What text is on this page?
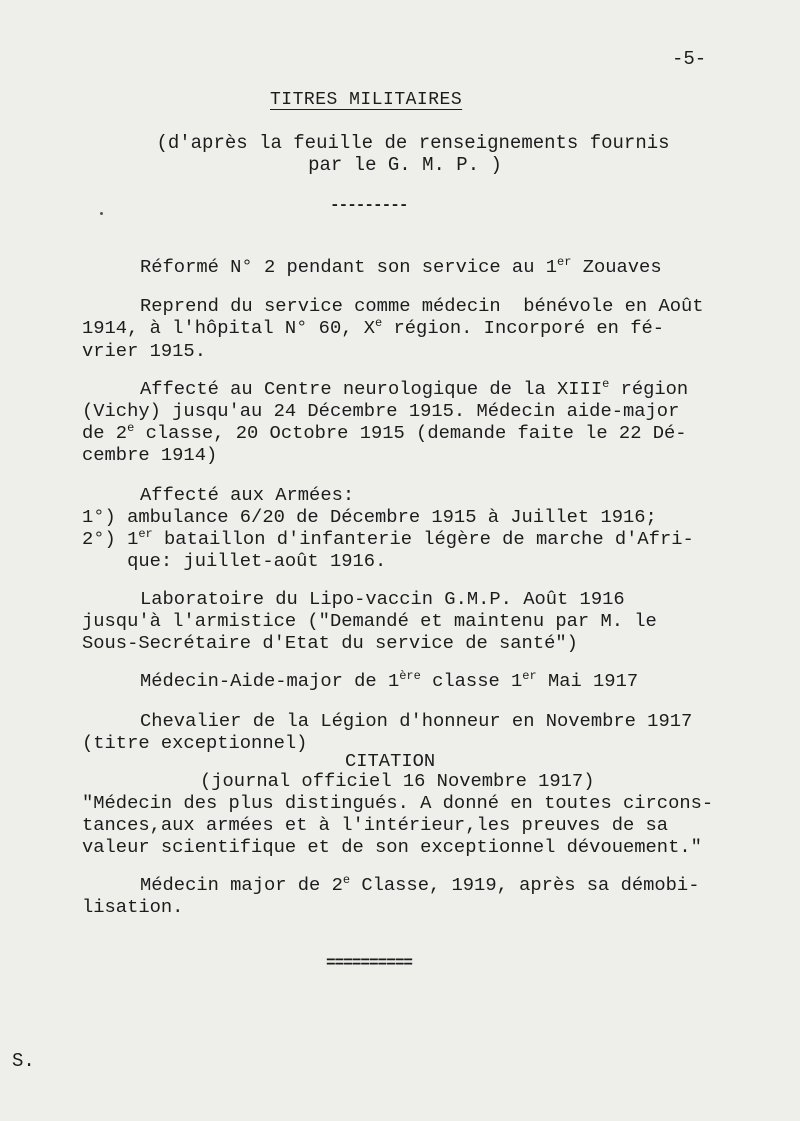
-5-
TITRES MILITAIRES
(d'après la feuille de renseignements fournis
par le G. M. P. )
---------
Réformé N° 2 pendant son service au 1er Zouaves
Reprend du service comme médecin  bénévole en Août
1914, à l'hôpital N° 60, Xe région. Incorporé en fé-
vrier 1915.
Affecté au Centre neurologique de la XIIIe région
(Vichy) jusqu'au 24 Décembre 1915. Médecin aide-major
de 2e classe, 20 Octobre 1915 (demande faite le 22 Dé-
cembre 1914)
Affecté aux Armées:
1°) ambulance 6/20 de Décembre 1915 à Juillet 1916;
2°) 1er bataillon d'infanterie légère de marche d'Afri-
que: juillet-août 1916.
Laboratoire du Lipo-vaccin G.M.P. Août 1916
jusqu'à l'armistice ("Demandé et maintenu par M. le
Sous-Secrétaire d'Etat du service de santé")
Médecin-Aide-major de 1ère classe 1er Mai 1917
Chevalier de la Légion d'honneur en Novembre 1917
(titre exceptionnel)
CITATION
(journal officiel 16 Novembre 1917)
"Médecin des plus distingués. A donné en toutes circons-
tances,aux armées et à l'intérieur,les preuves de sa
valeur scientifique et de son exceptionnel dévouement."
Médecin major de 2e Classe, 1919, après sa démobi-
lisation.
==========
S.
